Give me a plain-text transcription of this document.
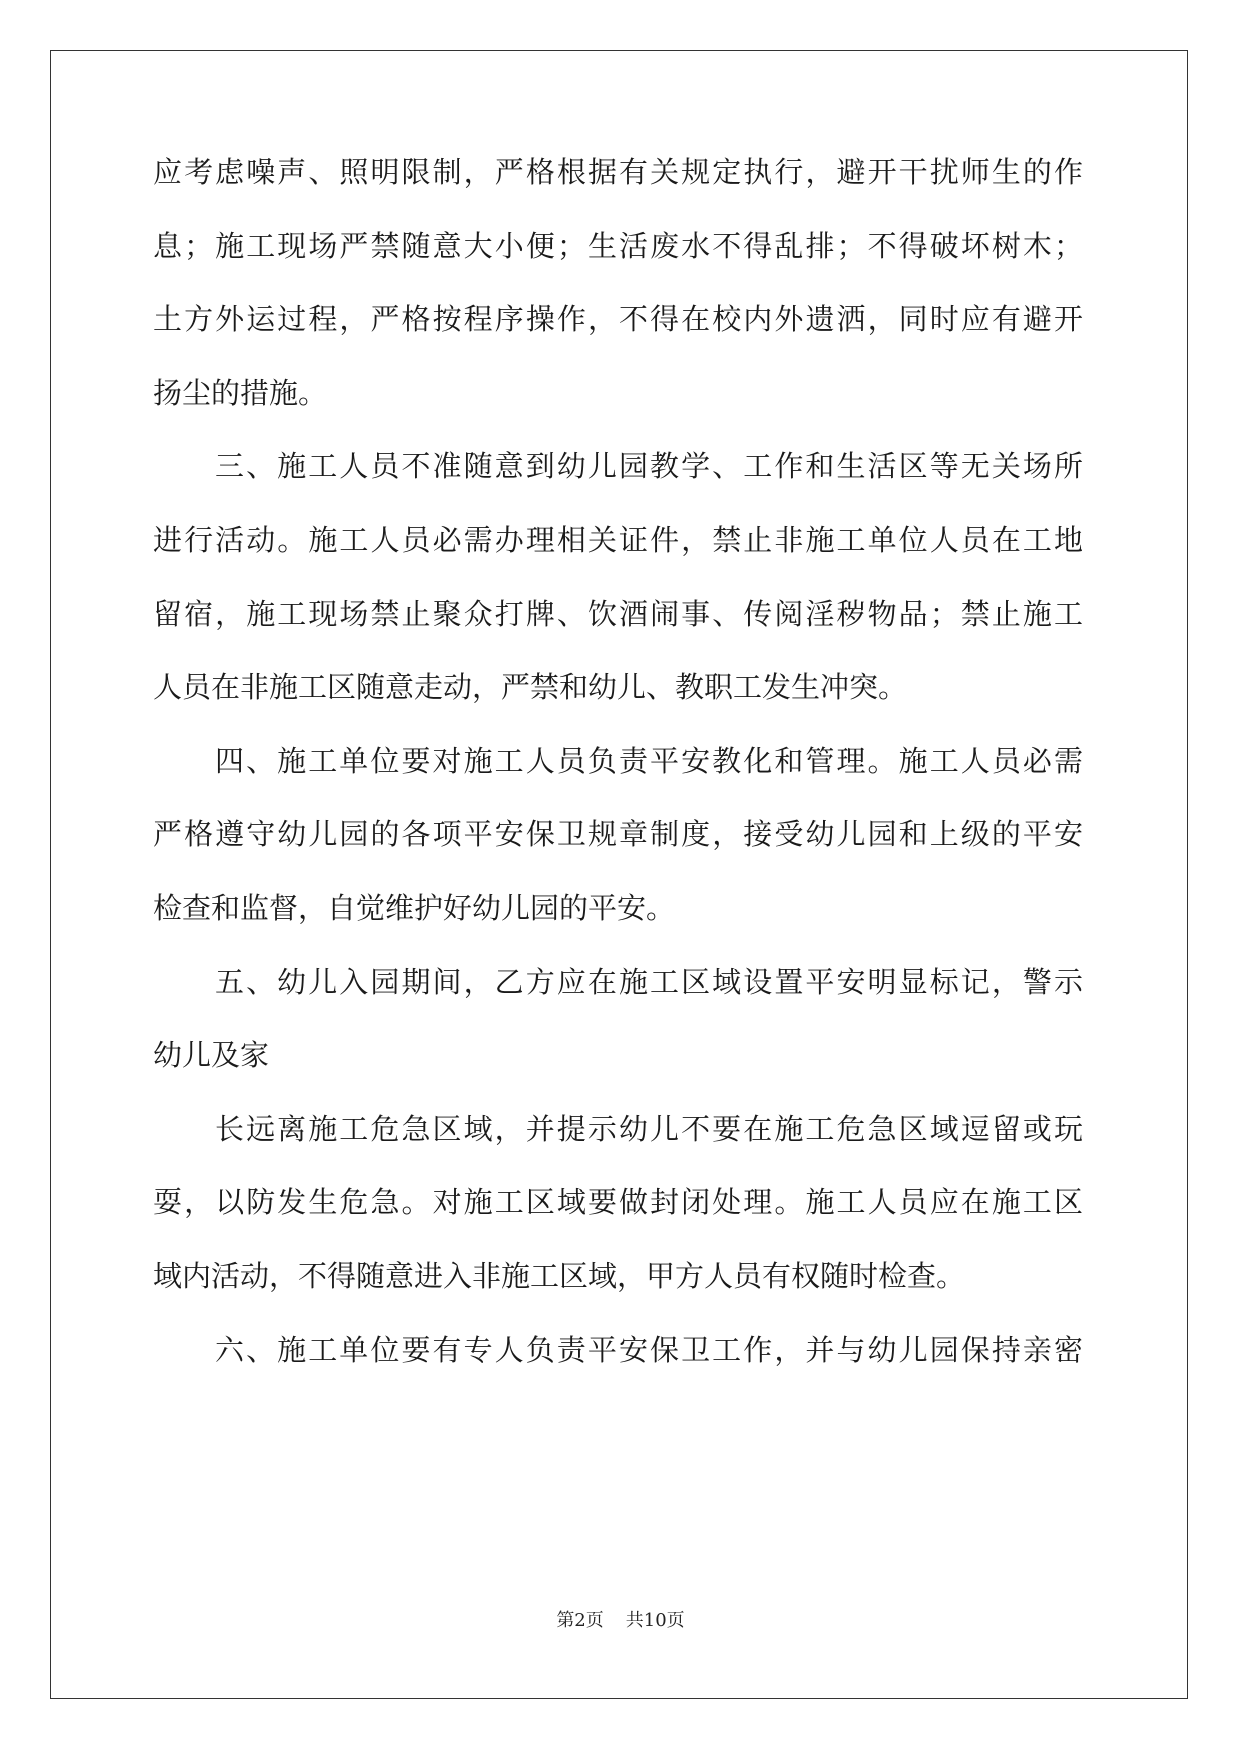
应考虑噪声、照明限制，严格根据有关规定执行，避开干扰师生的作
息；施工现场严禁随意大小便；生活废水不得乱排；不得破坏树木；
土方外运过程，严格按程序操作，不得在校内外遗洒，同时应有避开
扬尘的措施。
三、施工人员不准随意到幼儿园教学、工作和生活区等无关场所
进行活动。施工人员必需办理相关证件，禁止非施工单位人员在工地
留宿，施工现场禁止聚众打牌、饮酒闹事、传阅淫秽物品；禁止施工
人员在非施工区随意走动，严禁和幼儿、教职工发生冲突。
四、施工单位要对施工人员负责平安教化和管理。施工人员必需
严格遵守幼儿园的各项平安保卫规章制度，接受幼儿园和上级的平安
检查和监督，自觉维护好幼儿园的平安。
五、幼儿入园期间，乙方应在施工区域设置平安明显标记，警示
幼儿及家
长远离施工危急区域，并提示幼儿不要在施工危急区域逗留或玩
耍，以防发生危急。对施工区域要做封闭处理。施工人员应在施工区
域内活动，不得随意进入非施工区域，甲方人员有权随时检查。
六、施工单位要有专人负责平安保卫工作，并与幼儿园保持亲密
第2页 共10页
